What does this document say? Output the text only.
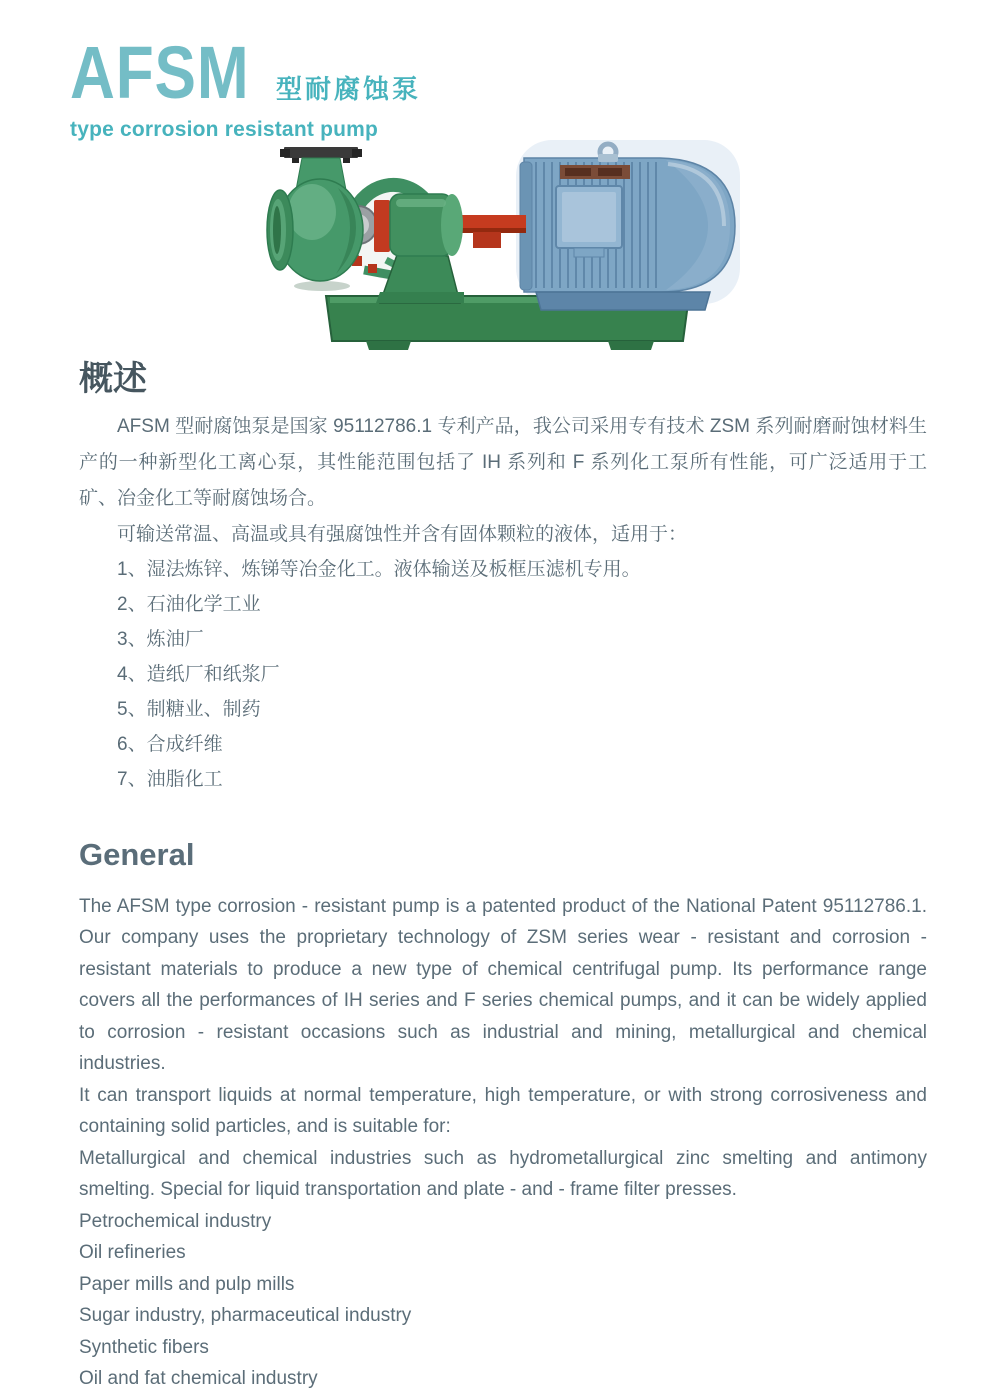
AFSM 型耐腐蚀泵
type corrosion resistant pump
概述

AFSM 型耐腐蚀泵是国家 95112786.1 专利产品，我公司采用专有技术 ZSM 系列耐磨耐蚀材料生产的一种新型化工离心泵，其性能范围包括了 IH 系列和 F 系列化工泵所有性能，可广泛适用于工矿、冶金化工等耐腐蚀场合。

可输送常温、高温或具有强腐蚀性并含有固体颗粒的液体，适用于：
1、湿法炼锌、炼锑等冶金化工。液体输送及板框压滤机专用。
2、石油化学工业
3、炼油厂
4、造纸厂和纸浆厂
5、制糖业、制药
6、合成纤维
7、油脂化工
General

The AFSM type corrosion - resistant pump is a patented product of the National Patent 95112786.1. Our company uses the proprietary technology of ZSM series wear - resistant and corrosion - resistant materials to produce a new type of chemical centrifugal pump. Its performance range covers all the performances of IH series and F series chemical pumps, and it can be widely applied to corrosion - resistant occasions such as industrial and mining, metallurgical and chemical industries.

It can transport liquids at normal temperature, high temperature, or with strong corrosiveness and containing solid particles, and is suitable for:

Metallurgical and chemical industries such as hydrometallurgical zinc smelting and antimony smelting. Special for liquid transportation and plate - and - frame filter presses.

Petrochemical industry
Oil refineries
Paper mills and pulp mills
Sugar industry, pharmaceutical industry
Synthetic fibers
Oil and fat chemical industry
